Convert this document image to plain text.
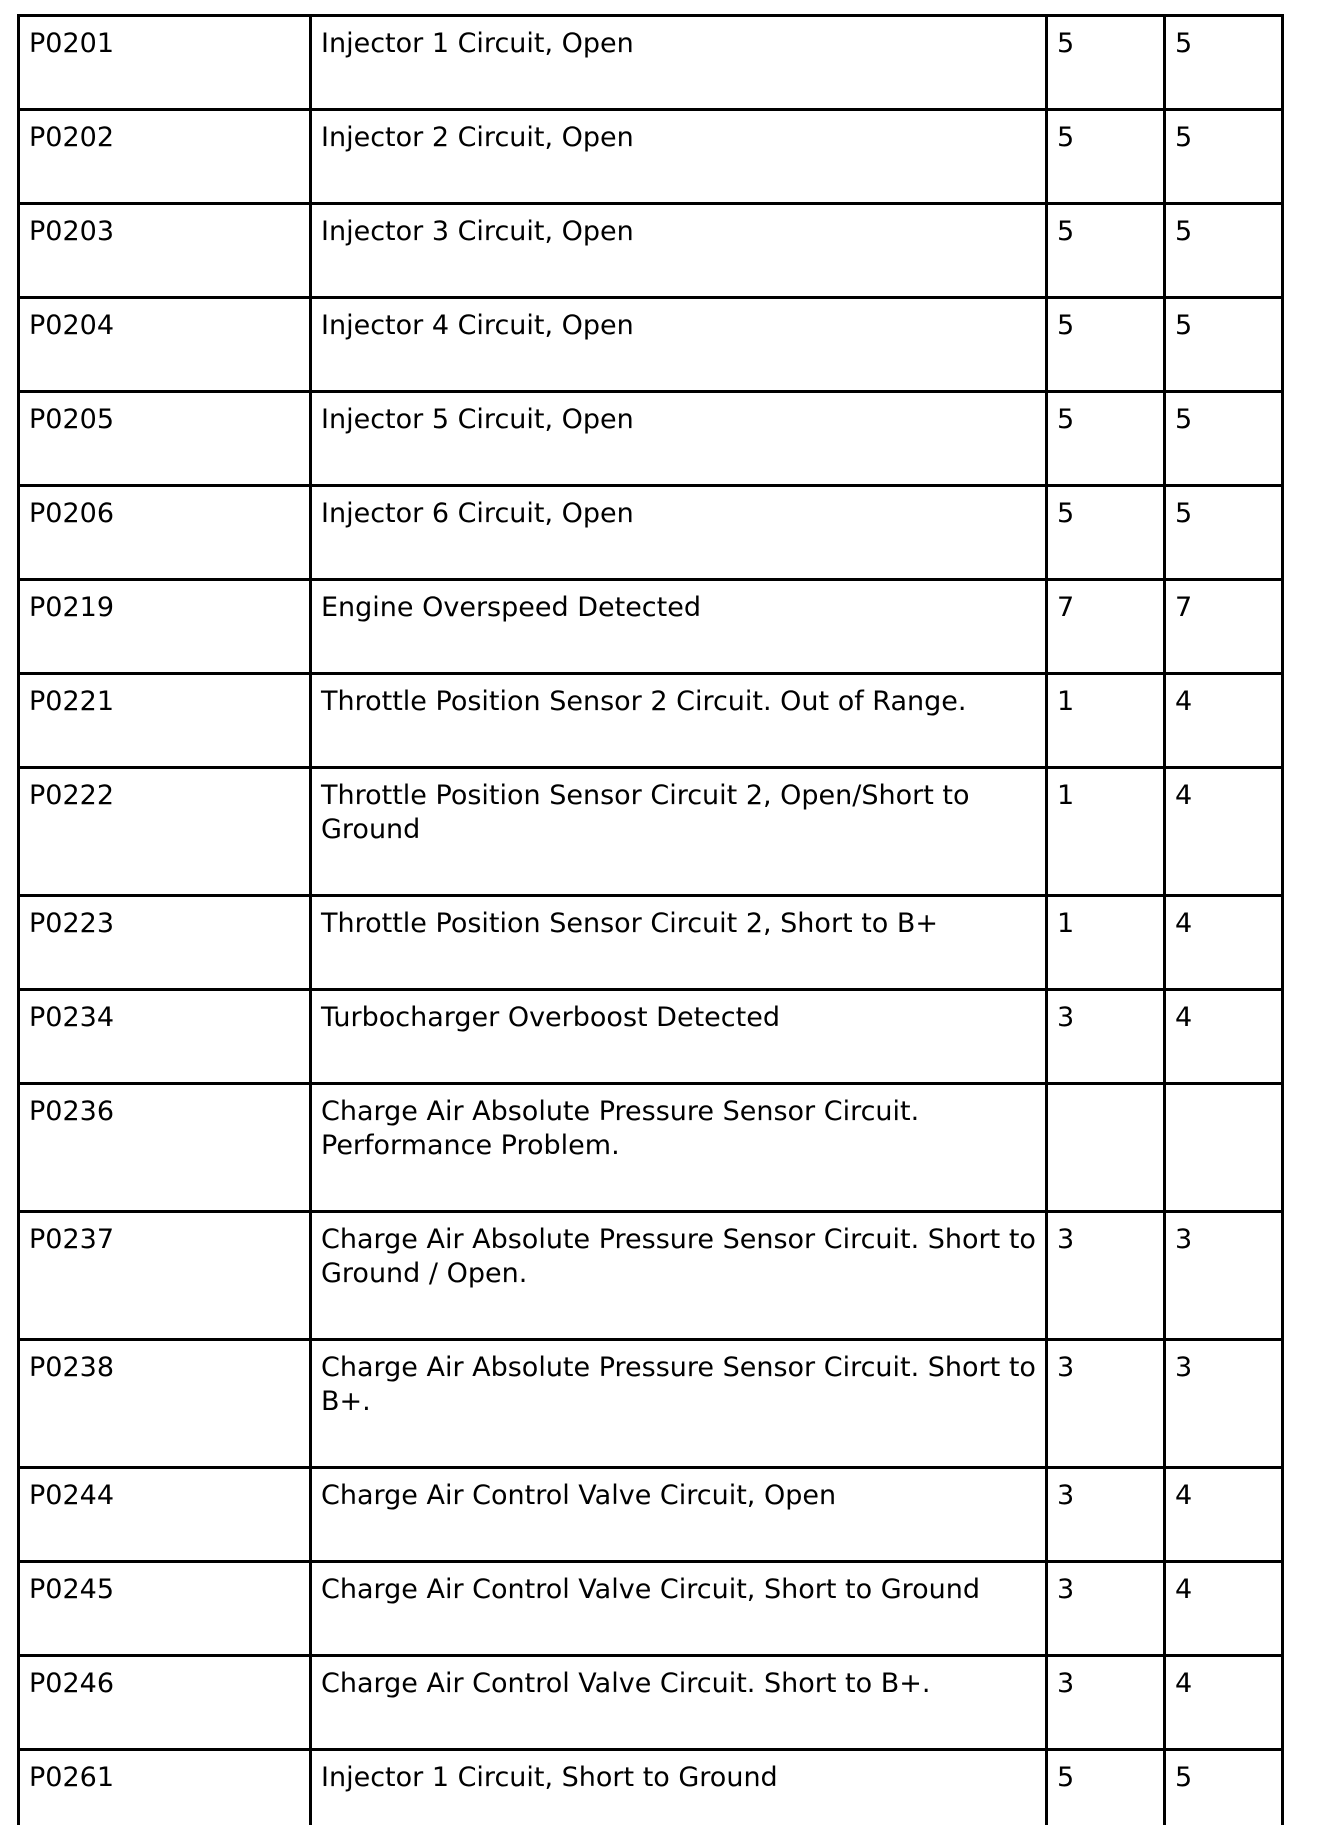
P0201	Injector 1 Circuit, Open	5	5
P0202	Injector 2 Circuit, Open	5	5
P0203	Injector 3 Circuit, Open	5	5
P0204	Injector 4 Circuit, Open	5	5
P0205	Injector 5 Circuit, Open	5	5
P0206	Injector 6 Circuit, Open	5	5
P0219	Engine Overspeed Detected	7	7
P0221	Throttle Position Sensor 2 Circuit. Out of Range.	1	4
P0222	Throttle Position Sensor Circuit 2, Open/Short to Ground	1	4
P0223	Throttle Position Sensor Circuit 2, Short to B+	1	4
P0234	Turbocharger Overboost Detected	3	4
P0236	Charge Air Absolute Pressure Sensor Circuit. Performance Problem.		
P0237	Charge Air Absolute Pressure Sensor Circuit. Short to Ground / Open.	3	3
P0238	Charge Air Absolute Pressure Sensor Circuit. Short to B+.	3	3
P0244	Charge Air Control Valve Circuit, Open	3	4
P0245	Charge Air Control Valve Circuit, Short to Ground	3	4
P0246	Charge Air Control Valve Circuit. Short to B+.	3	4
P0261	Injector 1 Circuit, Short to Ground	5	5
